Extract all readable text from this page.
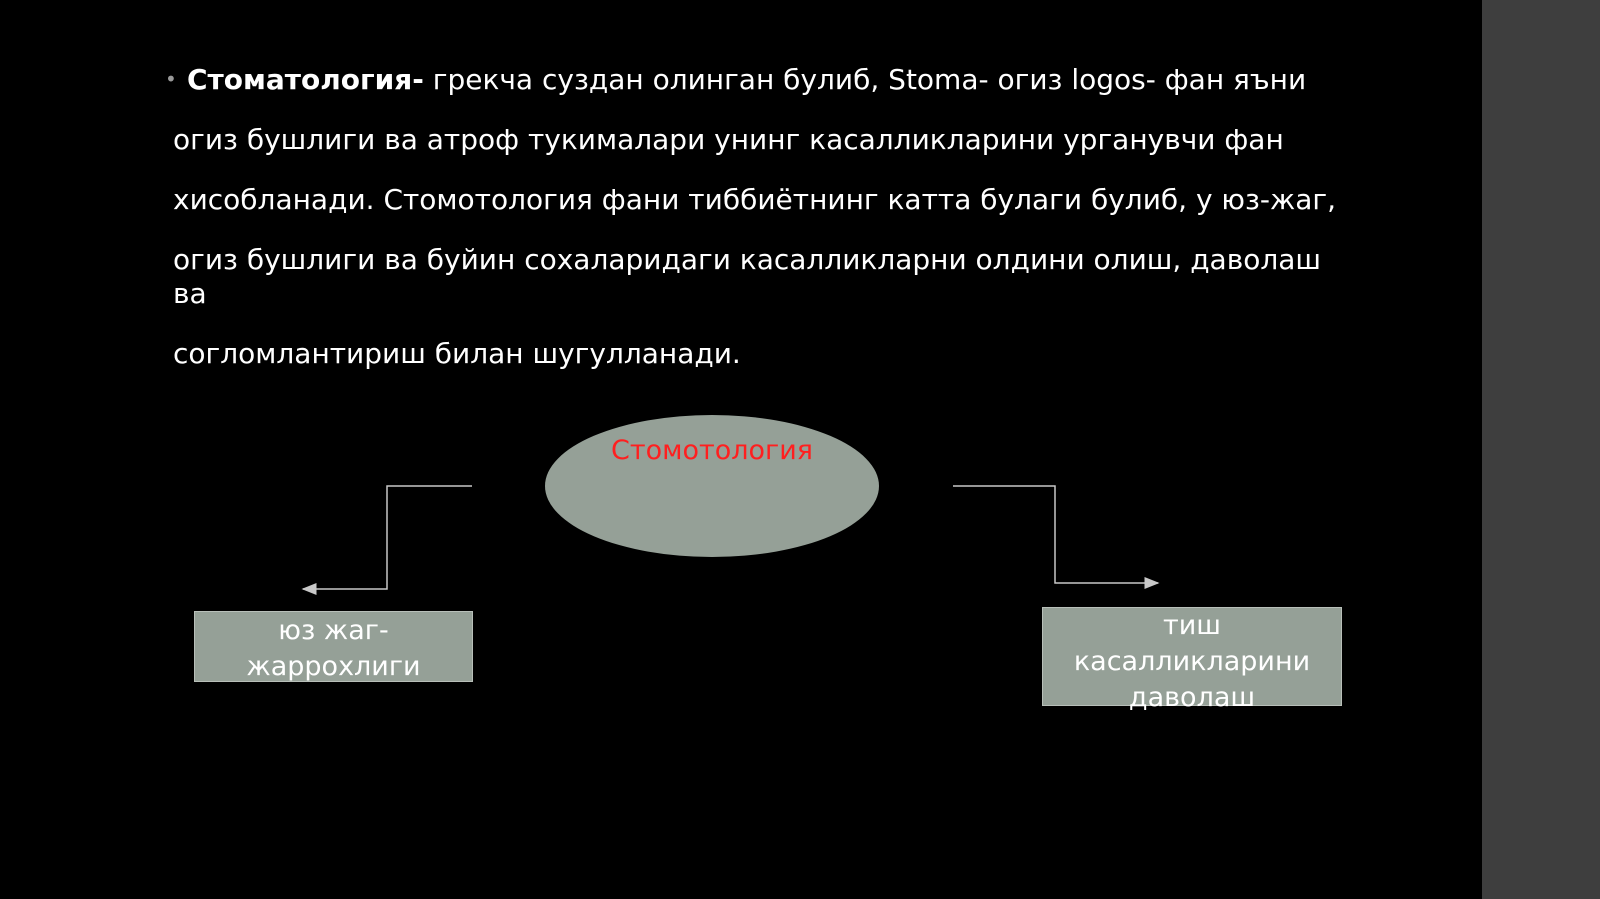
• Стоматология- грекча суздан олинган булиб, Stoma- огиз logos- фан яъни

огиз бушлиги ва атроф тукималари унинг касалликларини урганувчи фан

хисобланади. Стомотология фани тиббиётнинг катта булаги булиб, у юз-жаг,

огиз бушлиги ва буйин сохаларидаги касалликларни олдини олиш, даволаш ва

согломлантириш билан шугулланади.

Стомотология
юз жаг-жаррохлиги
тиш касалликларини даволаш
